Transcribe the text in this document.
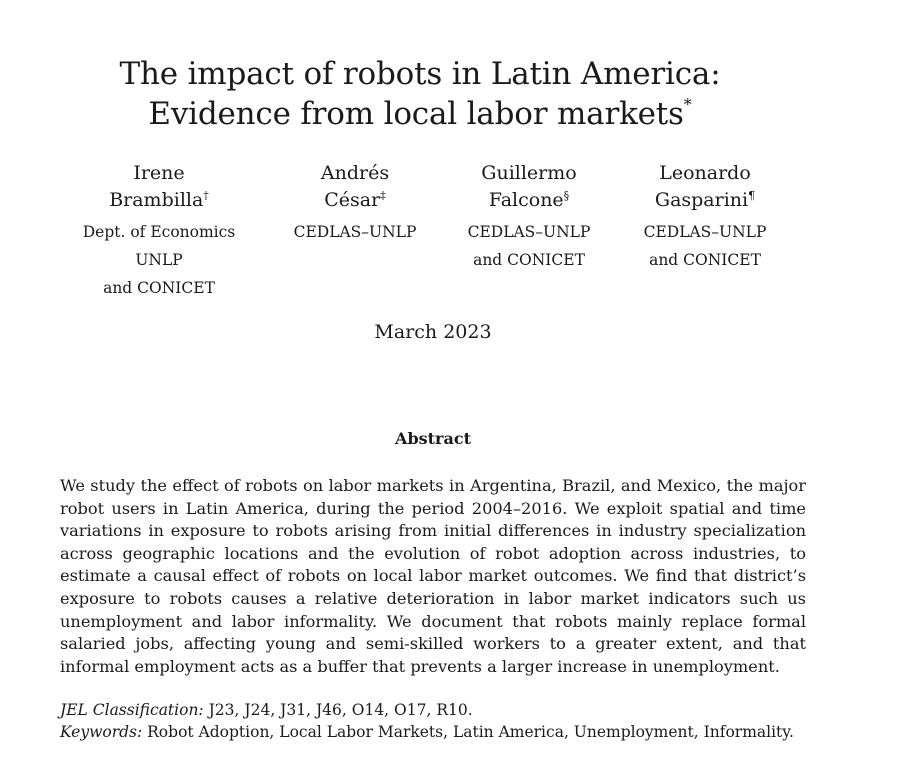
The impact of robots in Latin America:
Evidence from local labor markets*
Irene
Brambilla†
Dept. of Economics
UNLP
and CONICET
Andrés
César‡
CEDLAS–UNLP
Guillermo
Falcone§
CEDLAS–UNLP
and CONICET
Leonardo
Gasparini¶
CEDLAS–UNLP
and CONICET
March 2023
Abstract

We study the effect of robots on labor markets in Argentina, Brazil, and Mexico, the major robot users in Latin America, during the period 2004–2016. We exploit spatial and time variations in exposure to robots arising from initial differences in industry specialization across geographic locations and the evolution of robot adoption across industries, to estimate a causal effect of robots on local labor market outcomes. We find that district’s exposure to robots causes a relative deterioration in labor market indicators such us unemployment and labor informality. We document that robots mainly replace formal salaried jobs, affecting young and semi-skilled workers to a greater extent, and that informal employment acts as a buffer that prevents a larger increase in unemployment.

JEL Classification: J23, J24, J31, J46, O14, O17, R10.
Keywords: Robot Adoption, Local Labor Markets, Latin America, Unemployment, Informality.
